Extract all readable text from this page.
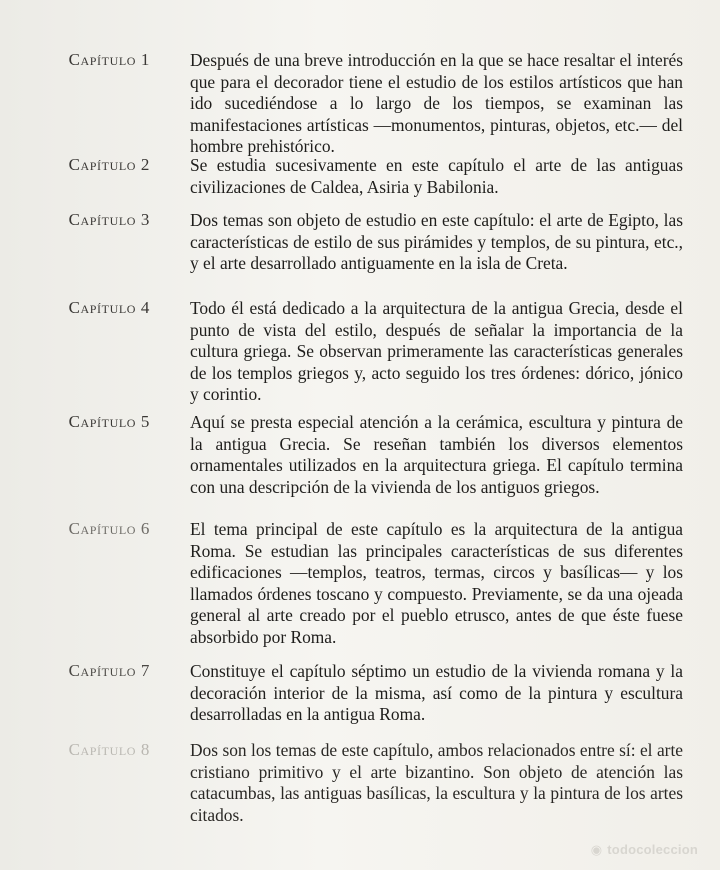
Capítulo 1 Después de una breve introducción en la que se hace resaltar el interés que para el decorador tiene el estudio de los estilos artísticos que han ido sucediéndose a lo largo de los tiempos, se examinan las manifestaciones artísticas —monumentos, pinturas, objetos, etc.— del hombre prehistórico.
Capítulo 2 Se estudia sucesivamente en este capítulo el arte de las antiguas civilizaciones de Caldea, Asiria y Babilonia.
Capítulo 3 Dos temas son objeto de estudio en este capítulo: el arte de Egipto, las características de estilo de sus pirámides y templos, de su pintura, etc., y el arte desarrollado antiguamente en la isla de Creta.
Capítulo 4 Todo él está dedicado a la arquitectura de la antigua Grecia, desde el punto de vista del estilo, después de señalar la importancia de la cultura griega. Se observan primeramente las características generales de los templos griegos y, acto seguido los tres órdenes: dórico, jónico y corintio.
Capítulo 5 Aquí se presta especial atención a la cerámica, escultura y pintura de la antigua Grecia. Se reseñan también los diversos elementos ornamentales utilizados en la arquitectura griega. El capítulo termina con una descripción de la vivienda de los antiguos griegos.
Capítulo 6 El tema principal de este capítulo es la arquitectura de la antigua Roma. Se estudian las principales características de sus diferentes edificaciones —templos, teatros, termas, circos y basílicas— y los llamados órdenes toscano y compuesto. Previamente, se da una ojeada general al arte creado por el pueblo etrusco, antes de que éste fuese absorbido por Roma.
Capítulo 7 Constituye el capítulo séptimo un estudio de la vivienda romana y la decoración interior de la misma, así como de la pintura y escultura desarrolladas en la antigua Roma.
Capítulo 8 Dos son los temas de este capítulo, ambos relacionados entre sí: el arte cristiano primitivo y el arte bizantino. Son objeto de atención las catacumbas, las antiguas basílicas, la escultura y la pintura de los artes citados.
◉ todocoleccion
